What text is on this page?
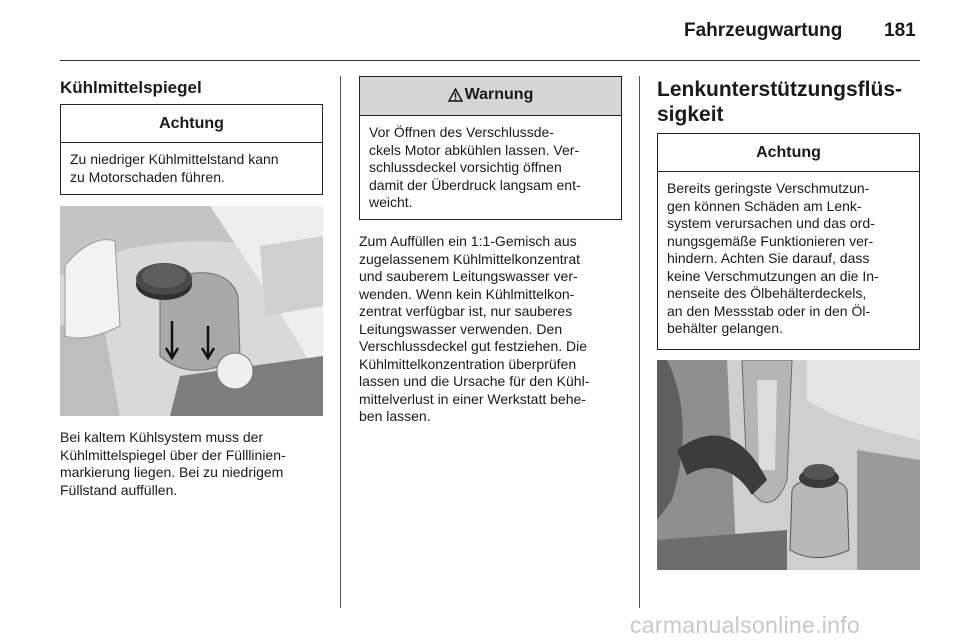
Fahrzeugwartung 181
Kühlmittelspiegel
Achtung
Zu niedriger Kühlmittelstand kann
zu Motorschaden führen.
Bei kaltem Kühlsystem muss der
Kühlmittelspiegel über der Fülllinien-
markierung liegen. Bei zu niedrigem
Füllstand auffüllen.
Warnung
Vor Öffnen des Verschlussde-
ckels Motor abkühlen lassen. Ver-
schlussdeckel vorsichtig öffnen
damit der Überdruck langsam ent-
weicht.
Zum Auffüllen ein 1:1-Gemisch aus
zugelassenem Kühlmittelkonzentrat
und sauberem Leitungswasser ver-
wenden. Wenn kein Kühlmittelkon-
zentrat verfügbar ist, nur sauberes
Leitungswasser verwenden. Den
Verschlussdeckel gut festziehen. Die
Kühlmittelkonzentration überprüfen
lassen und die Ursache für den Kühl-
mittelverlust in einer Werkstatt behe-
ben lassen.
Lenkunterstützungsflüs-
sigkeit
Achtung
Bereits geringste Verschmutzun-
gen können Schäden am Lenk-
system verursachen und das ord-
nungsgemäße Funktionieren ver-
hindern. Achten Sie darauf, dass
keine Verschmutzungen an die In-
nenseite des Ölbehälterdeckels,
an den Messstab oder in den Öl-
behälter gelangen.
carmanualsonline.info
